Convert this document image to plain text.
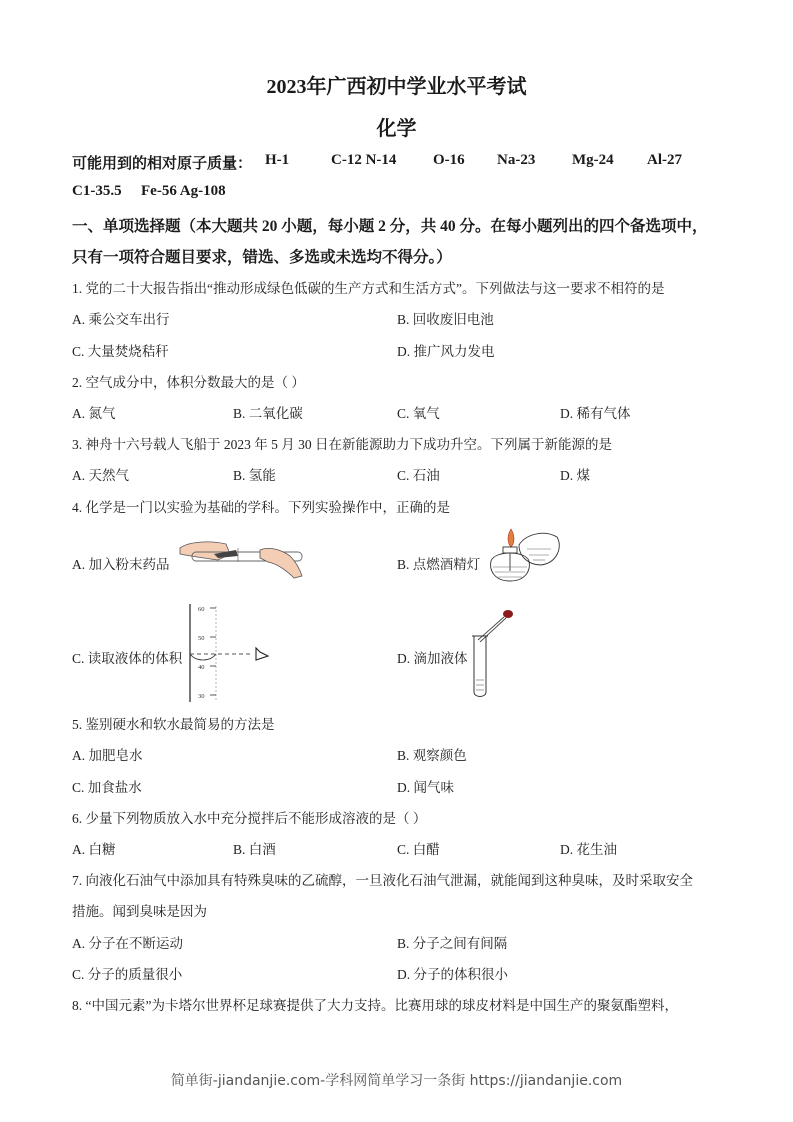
2023年广西初中学业水平考试
化学
可能用到的相对原子质量： H-1	C-12 N-14 O-16 Na-23 Mg-24 Al-27
C1-35.5 Fe-56 Ag-108
一、单项选择题（本大题共 20 小题，每小题 2 分，共 40 分。在每小题列出的四个备选项中，
只有一项符合题目要求，错选、多选或未选均不得分。）
1. 党的二十大报告指出“推动形成绿色低碳的生产方式和生活方式”。下列做法与这一要求不相符的是
A. 乘公交车出行	B. 回收废旧电池
C. 大量焚烧秸秆	D. 推广风力发电
2. 空气成分中，体积分数最大的是（ ）
A. 氮气	B. 二氧化碳	C. 氧气	D. 稀有气体
3. 神舟十六号载人飞船于 2023 年 5 月 30 日在新能源助力下成功升空。下列属于新能源的是
A. 天然气	B. 氢能	C. 石油	D. 煤
4. 化学是一门以实验为基础的学科。下列实验操作中，正确的是
A. 加入粉末药品	B. 点燃酒精灯
C. 读取液体的体积
60
50
40
30
D. 滴加液体
5. 鉴别硬水和软水最简易的方法是
A. 加肥皂水	B. 观察颜色
C. 加食盐水	D. 闻气味
6. 少量下列物质放入水中充分搅拌后不能形成溶液的是（ ）
A. 白糖	B. 白酒	C. 白醋	D. 花生油
7. 向液化石油气中添加具有特殊臭味的乙硫醇，一旦液化石油气泄漏，就能闻到这种臭味，及时采取安全
措施。闻到臭味是因为
A. 分子在不断运动	B. 分子之间有间隔
C. 分子的质量很小	D. 分子的体积很小
8. “中国元素”为卡塔尔世界杯足球赛提供了大力支持。比赛用球的球皮材料是中国生产的聚氨酯塑料，
简单街-jiandanjie.com-学科网简单学习一条街 https://jiandanjie.com
